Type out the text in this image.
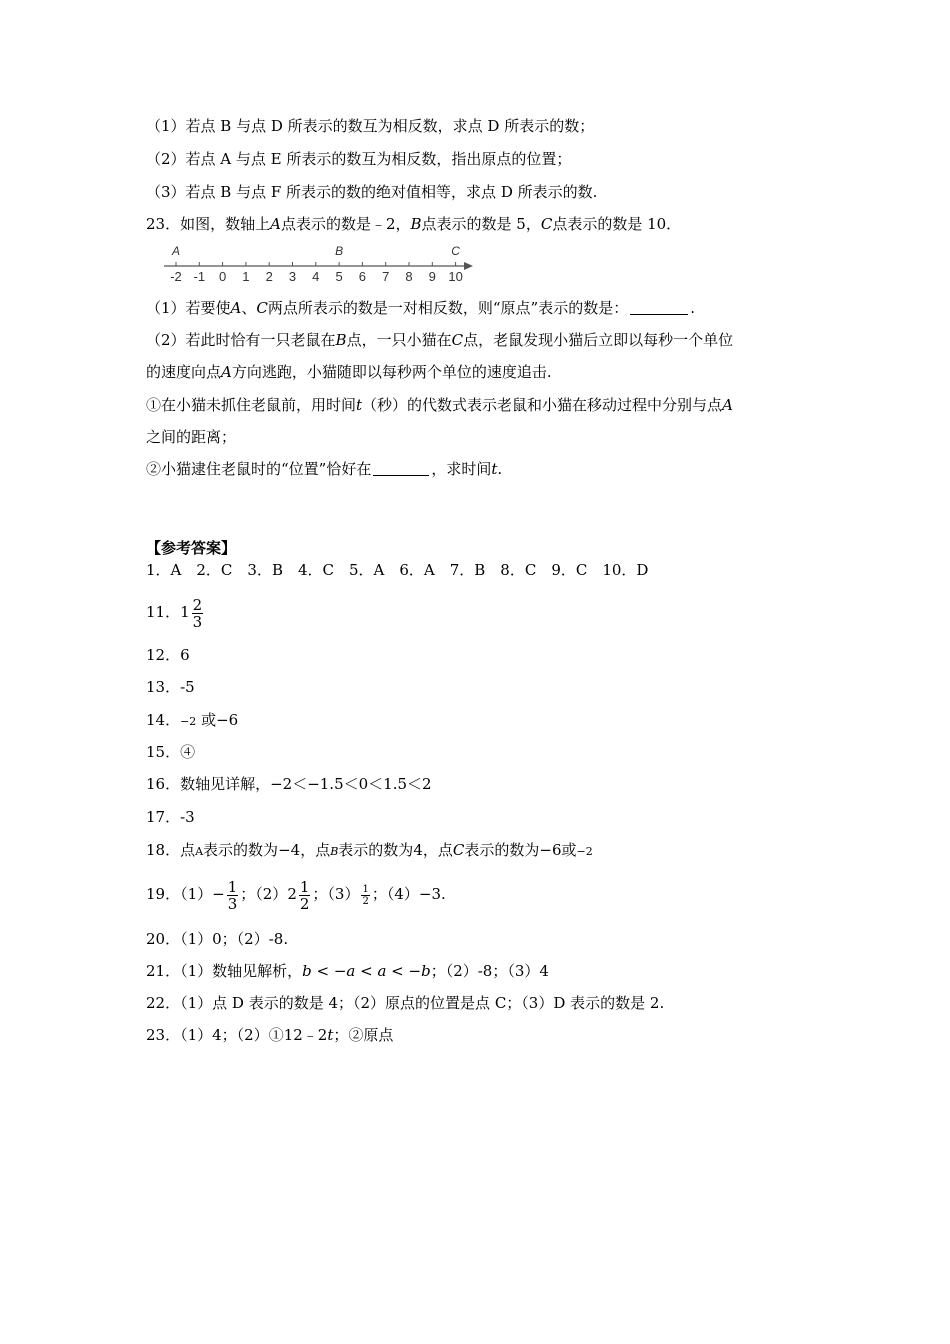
（1）若点 B 与点 D 所表示的数互为相反数，求点 D 所表示的数；
（2）若点 A 与点 E 所表示的数互为相反数，指出原点的位置；
（3）若点 B 与点 F 所表示的数的绝对值相等，求点 D 所表示的数.
23．如图，数轴上A点表示的数是﹣2，B点表示的数是 5，C点表示的数是 10．
-2 -1 0 1 2 3 4 5 6 7 8 9 10
A	B	C
（1）若要使A、C两点所表示的数是一对相反数，则“原点”表示的数是：	.
（2）若此时恰有一只老鼠在B点，一只小猫在C点，老鼠发现小猫后立即以每秒一个单位
的速度向点A方向逃跑，小猫随即以每秒两个单位的速度追击.
①在小猫未抓住老鼠前，用时间t（秒）的代数式表示老鼠和小猫在移动过程中分别与点A
之间的距离；
②小猫逮住老鼠时的“位置”恰好在	，求时间t.
【参考答案】
1．A　2．C　3．B　4．C　5．A　6．A　7．B　8．C　9．C　10．D
11．$1 \frac{2}{3}$
12．6
13．-5
14．−2 或−6
15．④
16．数轴见详解，−2＜−1.5＜0＜1.5＜2
17．-3
18．点A表示的数为−4，点B表示的数为4，点C表示的数为−6或−2
19．$(1)- \frac{1}{3}$ ；$(2)2 \frac{1}{2}$ ；$(3) \frac{1}{2}$ ；（4）−3.
20．（1）0；（2）-8.
21．（1）数轴见解析，b < −a < a < −b；（2）-8；（3）4
22．（1）点 D 表示的数是 4；（2）原点的位置是点 C；（3）D 表示的数是 2.
23．（1）4；（2）①12﹣2t；②原点
